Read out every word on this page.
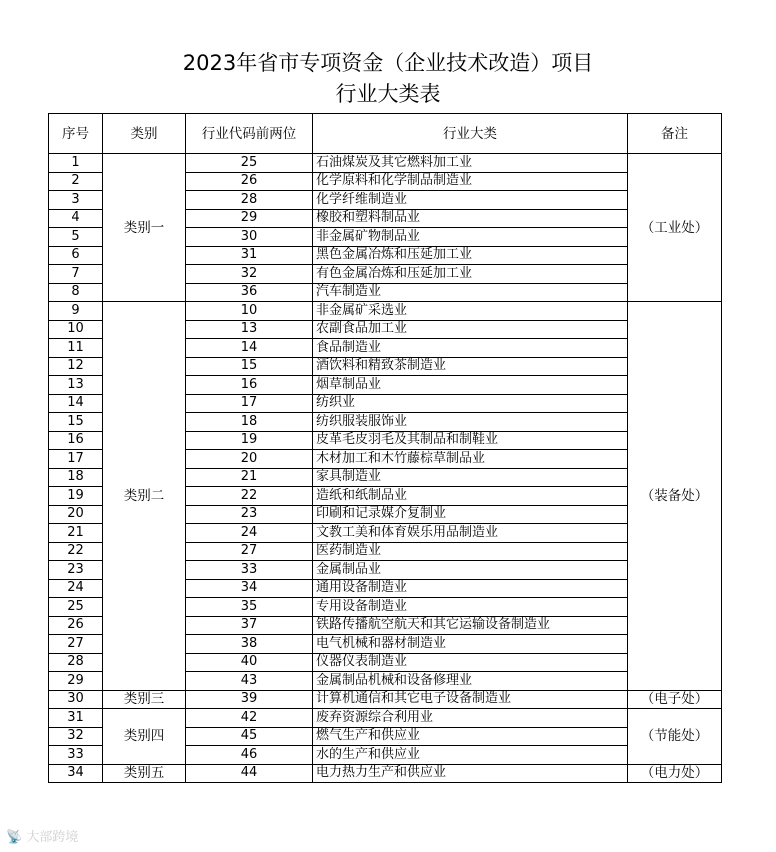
2023年省市专项资金（企业技术改造）项目
行业大类表
序号	类别	行业代码前两位	行业大类	备注
1	类别一	25	石油煤炭及其它燃料加工业	（工业处）
2		26	化学原料和化学制品制造业	
3		28	化学纤维制造业	
4		29	橡胶和塑料制品业	
5		30	非金属矿物制品业	
6		31	黑色金属冶炼和压延加工业	
7		32	有色金属冶炼和压延加工业	
8		36	汽车制造业	
9	类别二	10	非金属矿采选业	（装备处）
10		13	农副食品加工业	
11		14	食品制造业	
12		15	酒饮料和精致茶制造业	
13		16	烟草制品业	
14		17	纺织业	
15		18	纺织服装服饰业	
16		19	皮革毛皮羽毛及其制品和制鞋业	
17		20	木材加工和木竹藤棕草制品业	
18		21	家具制造业	
19		22	造纸和纸制品业	
20		23	印刷和记录媒介复制业	
21		24	文教工美和体育娱乐用品制造业	
22		27	医药制造业	
23		33	金属制品业	
24		34	通用设备制造业	
25		35	专用设备制造业	
26		37	铁路传播航空航天和其它运输设备制造业	
27		38	电气机械和器材制造业	
28		40	仪器仪表制造业	
29		43	金属制品机械和设备修理业	
30	类别三	39	计算机通信和其它电子设备制造业	（电子处）
31	类别四	42	废弃资源综合利用业	（节能处）
32		45	燃气生产和供应业	
33		46	水的生产和供应业	
34	类别五	44	电力热力生产和供应业	（电力处）
📡 大部跨境
